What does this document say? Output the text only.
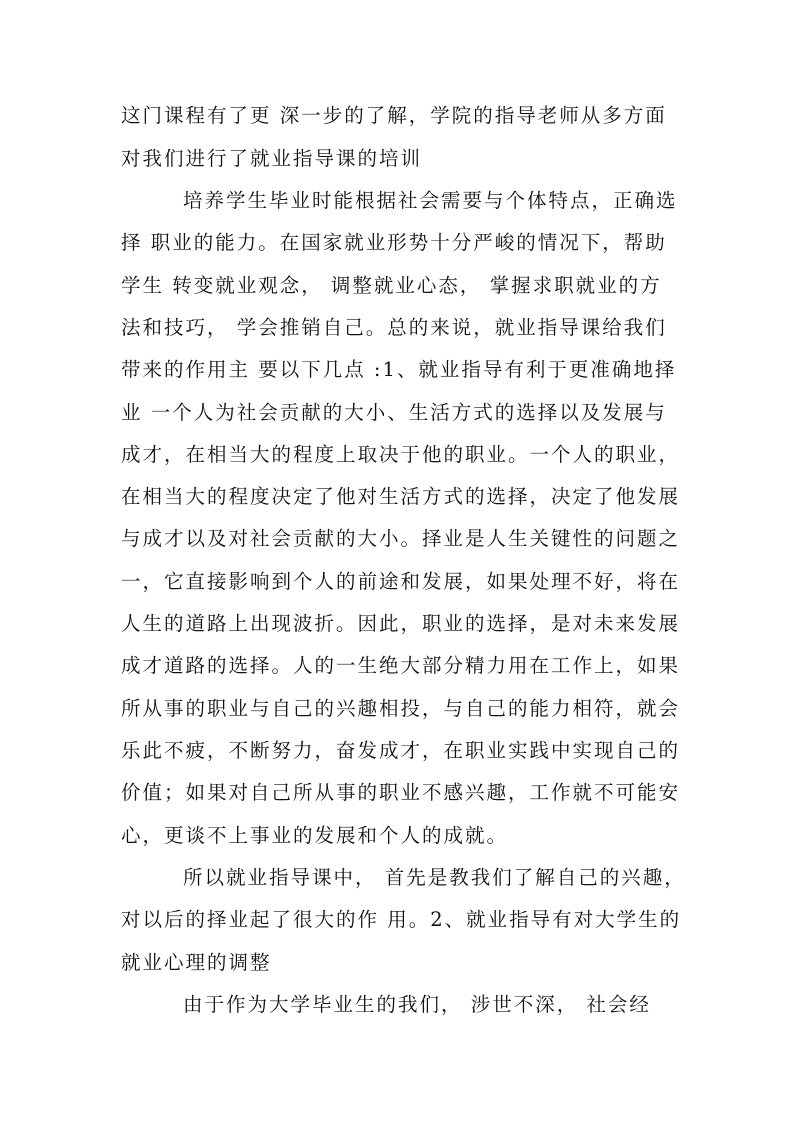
这门课程有了更 深一步的了解，学院的指导老师从多方面
对我们进行了就业指导课的培训
培养学生毕业时能根据社会需要与个体特点，正确选
择 职业的能力。在国家就业形势十分严峻的情况下，帮助
学生 转变就业观念， 调整就业心态， 掌握求职就业的方
法和技巧， 学会推销自己。总的来说，就业指导课给我们
带来的作用主 要以下几点 :1、就业指导有利于更准确地择
业 一个人为社会贡献的大小、生活方式的选择以及发展与
成才，在相当大的程度上取决于他的职业。一个人的职业，
在相当大的程度决定了他对生活方式的选择，决定了他发展
与成才以及对社会贡献的大小。择业是人生关键性的问题之
一，它直接影响到个人的前途和发展，如果处理不好，将在
人生的道路上出现波折。因此，职业的选择，是对未来发展
成才道路的选择。人的一生绝大部分精力用在工作上，如果
所从事的职业与自己的兴趣相投，与自己的能力相符，就会
乐此不疲，不断努力，奋发成才，在职业实践中实现自己的
价值；如果对自己所从事的职业不感兴趣，工作就不可能安
心，更谈不上事业的发展和个人的成就。
所以就业指导课中， 首先是教我们了解自己的兴趣，
对以后的择业起了很大的作 用。2、就业指导有对大学生的
就业心理的调整
由于作为大学毕业生的我们， 涉世不深， 社会经
